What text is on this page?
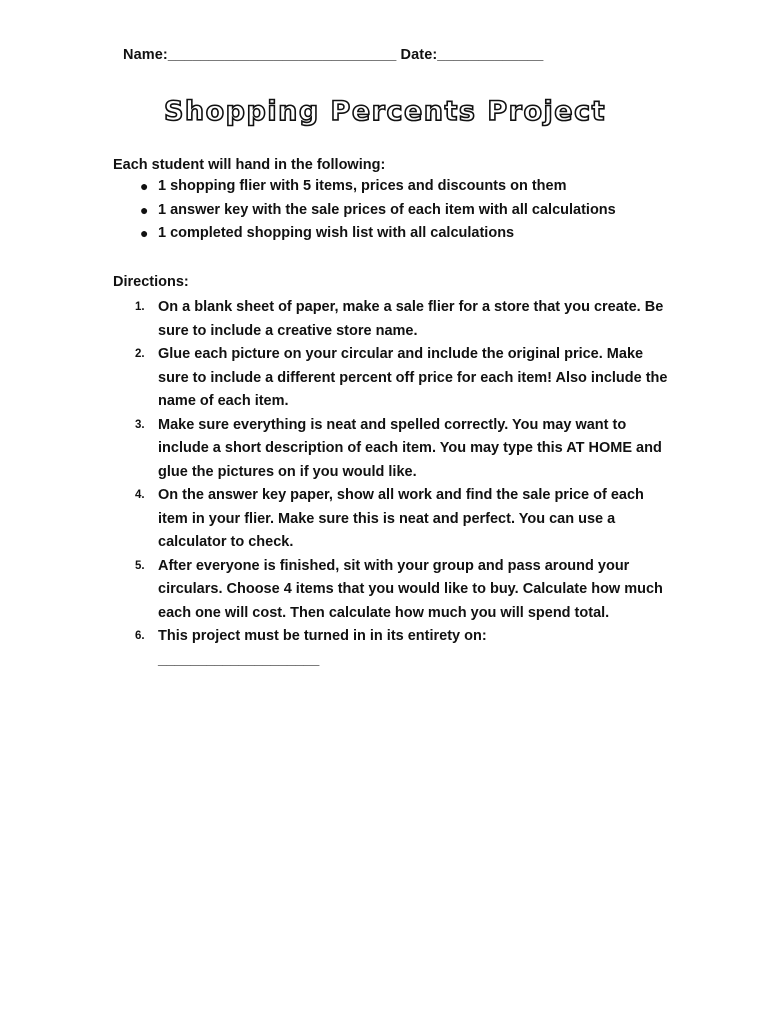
Name:____________________________ Date:_____________
Shopping Percents Project
Each student will hand in the following:
● 1 shopping flier with 5 items, prices and discounts on them
● 1 answer key with the sale prices of each item with all calculations
● 1 completed shopping wish list with all calculations
Directions:
1. On a blank sheet of paper, make a sale flier for a store that you create. Be sure to include a creative store name.
2. Glue each picture on your circular and include the original price. Make sure to include a different percent off price for each item! Also include the name of each item.
3. Make sure everything is neat and spelled correctly. You may want to include a short description of each item. You may type this AT HOME and glue the pictures on if you would like.
4. On the answer key paper, show all work and find the sale price of each item in your flier. Make sure this is neat and perfect. You can use a calculator to check.
5. After everyone is finished, sit with your group and pass around your circulars. Choose 4 items that you would like to buy. Calculate how much each one will cost. Then calculate how much you will spend total.
6. This project must be turned in in its entirety on:
____________________
